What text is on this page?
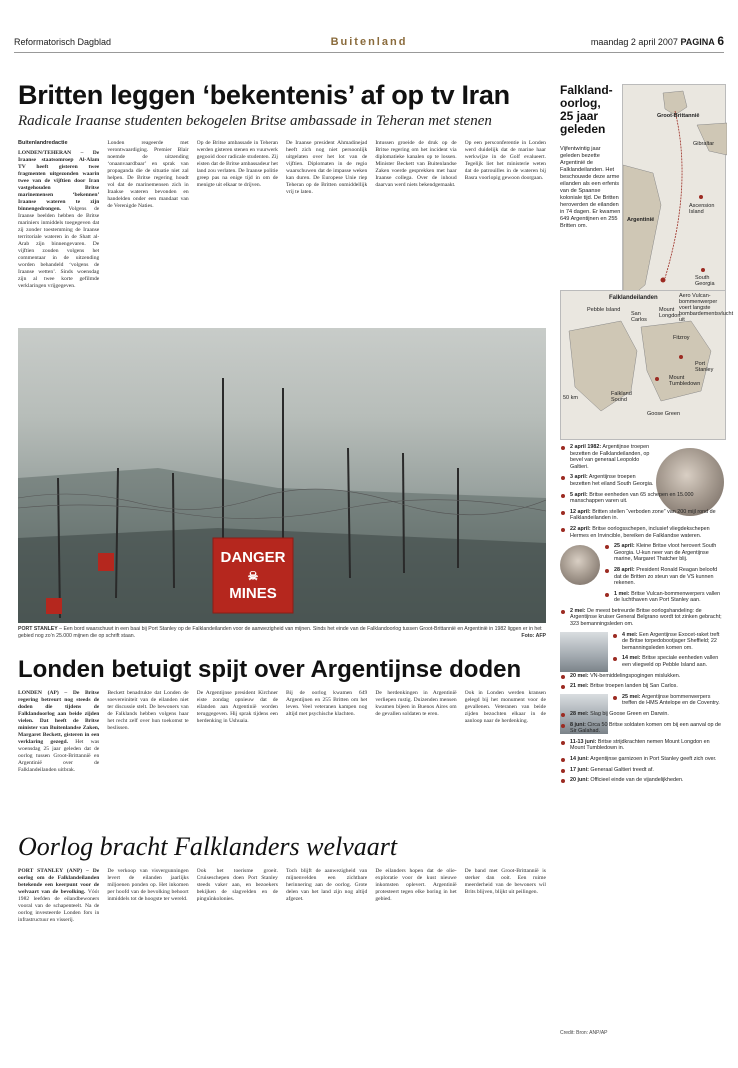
Reformatorisch Dagblad	Buitenland	maandag 2 april 2007 PAGINA 6
Britten leggen ‘bekentenis’ af op tv Iran
Radicale Iraanse studenten bekogelen Britse ambassade in Teheran met stenen
Buitenlandredactie
LONDEN/TEHERAN – De Iraanse staatsomroep Al-Alam TV heeft gisteren twee fragmenten uitgezonden waarin twee van de vijftien door Iran vastgehouden Britse marinemensen ‘bekennen’ Iraanse wateren te zijn binnengedrongen. Volgens de Iraanse beelden hebben de Britse mariniers inmiddels toegegeven dat zij zonder toestemming de Iraanse territoriale wateren in de Shatt al-Arab zijn binnengevaren. De vijftien zouden volgens het commentaar in de uitzending worden behandeld ‘volgens de Iraanse wetten’. Sinds woensdag zijn al twee korte gefilmde verklaringen vrijgegeven.
Londen reageerde met verontwaardiging. Premier Blair noemde de uitzending ‘onaanvaardbaar’ en sprak van propaganda die de situatie niet zal helpen. De Britse regering houdt vol dat de marinemensen zich in Iraakse wateren bevonden en handelden onder een mandaat van de Verenigde Naties.
Op de Britse ambassade in Teheran werden gisteren stenen en vuurwerk gegooid door radicale studenten. Zij eisten dat de Britse ambassadeur het land zou verlaten. De Iraanse politie greep pas na enige tijd in om de menigte uit elkaar te drijven.
De Iraanse president Ahmadinejad heeft zich nog niet persoonlijk uitgelaten over het lot van de vijftien. Diplomaten in de regio waarschuwen dat de impasse weken kan duren. De Europese Unie riep Teheran op de Britten onmiddellijk vrij te laten.
Intussen groeide de druk op de Britse regering om het incident via diplomatieke kanalen op te lossen. Minister Beckett van Buitenlandse Zaken voerde gesprekken met haar Iraanse collega. Over de inhoud daarvan werd niets bekendgemaakt.
Op een persconferentie in Londen werd duidelijk dat de marine haar werkwijze in de Golf evalueert. Tegelijk liet het ministerie weten dat de patrouilles in de wateren bij Basra voorlopig gewoon doorgaan.
DANGER
☠
MINES
PORT STANLEY – Een bord waarschuwt in een baai bij Port Stanley op de Falklandeilanden voor de aanwezigheid van mijnen. Sinds het einde van de Falklandoorlog tussen Groot-Brittannië en Argentinië in 1982 liggen er in het gebied nog zo’n 25.000 mijnen die op schrift staan.	Foto: AFP
Londen betuigt spijt over Argentijnse doden
LONDEN (AP) – De Britse regering betreurt nog steeds de doden die tijdens de Falklandoorlog aan beide zijden vielen. Dat heeft de Britse minister van Buitenlandse Zaken, Margaret Beckett, gisteren in een verklaring gezegd. Het was woensdag 25 jaar geleden dat de oorlog tussen Groot-Brittannië en Argentinië over de Falklandeilanden uitbrak.
Beckett benadrukte dat Londen de soevereiniteit van de eilanden niet ter discussie stelt. De bewoners van de Falklands hebben volgens haar het recht zelf over hun toekomst te beslissen.
De Argentijnse president Kirchner eiste zondag opnieuw dat de eilanden aan Argentinië worden teruggegeven. Hij sprak tijdens een herdenking in Ushuaia.
Bij de oorlog kwamen 649 Argentijnen en 255 Britten om het leven. Veel veteranen kampen nog altijd met psychische klachten.
De herdenkingen in Argentinië verliepen rustig. Duizenden mensen kwamen bijeen in Buenos Aires om de gevallen soldaten te eren.
Ook in Londen werden kransen gelegd bij het monument voor de gevallenen. Veteranen van beide zijden bezochten elkaar in de aanloop naar de herdenking.
Oorlog bracht Falklanders welvaart
PORT STANLEY (ANP) – De oorlog om de Falklandeilanden betekende een keerpunt voor de welvaart van de bevolking. Vóór 1982 leefden de eilandbewoners vooral van de schapenteelt. Na de oorlog investeerde Londen fors in infrastructuur en visserij.
De verkoop van visvergunningen levert de eilanden jaarlijks miljoenen ponden op. Het inkomen per hoofd van de bevolking behoort inmiddels tot de hoogste ter wereld.
Ook het toerisme groeit. Cruiseschepen doen Port Stanley steeds vaker aan, en bezoekers bekijken de slagvelden en de pinguïnkolonies.
Toch blijft de aanwezigheid van mijnenvelden een zichtbare herinnering aan de oorlog. Grote delen van het land zijn nog altijd afgezet.
De eilanders hopen dat de olie-exploratie voor de kust nieuwe inkomsten oplevert. Argentinië protesteert tegen elke boring in het gebied.
De band met Groot-Brittannië is sterker dan ooit. Een ruime meerderheid van de bewoners wil Brits blijven, blijkt uit peilingen.
Falkland-
oorlog,
25 jaar
geleden
Vijfentwintig jaar geleden bezette Argentinië de Falklandeilanden. Het beschouwde deze arme eilanden als een erfenis van de Spaanse koloniale tijd. De Britten heroverden de eilanden in 74 dagen. Er kwamen 649 Argentijnen en 255 Britten om.
Groot-Brittannië
Gibraltar
Argentinië
Ascension Island
South Georgia
Falklandeilanden
Pebble Island
San Carlos
Mount Longdon
Fitzroy
Port Stanley
Mount Tumbledown
Falkland Sound
Goose Green
50 km
Aero Vulcan-bommenwerper voert langste bombardementsvlucht uit
2 april 1982: Argentijnse troepen bezetten de Falklandeilanden, op bevel van generaal Leopoldo Galtieri.
3 april: Argentijnse troepen bezetten het eiland South Georgia.
5 april: Britse eenheden van 65 schepen en 15.000 manschappen varen uit.
12 april: Britten stellen “verboden zone” van 200 mijl rond de Falklandeilanden in.
22 april: Britse oorlogsschepen, inclusief vliegdekschepen Hermes en Invincible, bereiken de Falklandse wateren.
25 april: Kleine Britse vloot herovert South Georgia. U-kun neer van de Argentijnse marine, Margaret Thatcher blij.
28 april: President Ronald Reagan beloofd dat de Britten zo steun van de VS kunnen rekenen.
1 mei: Britse Vulcan-bommenwerpers vallen de luchthaven van Port Stanley aan.
2 mei: De meest betreurde Britse oorlogshandeling: de Argentijnse kruiser General Belgrano wordt tot zinken gebracht; 323 bemanningsleden om.
4 mei: Een Argentijnse Exocet-raket treft de Britse torpedobootjager Sheffield; 22 bemanningsleden komen om.
14 mei: Britse speciale eenheden vallen een vliegveld op Pebble Island aan.
20 mei: VN-bemiddelingspogingen mislukken.
21 mei: Britse troepen landen bij San Carlos.
25 mei: Argentijnse bommenwerpers treffen de HMS Antelope en de Coventry.
28 mei: Slag bij Goose Green en Darwin.
8 juni: Circa 50 Britse soldaten komen om bij een aanval op de Sir Galahad.
11-13 juni: Britse strijdkrachten nemen Mount Longdon en Mount Tumbledown in.
14 juni: Argentijnse garnizoen in Port Stanley geeft zich over.
17 juni: Generaal Galtieri treedt af.
20 juni: Officieel einde van de vijandelijkheden.
Credit: Bron: ANP/AP
